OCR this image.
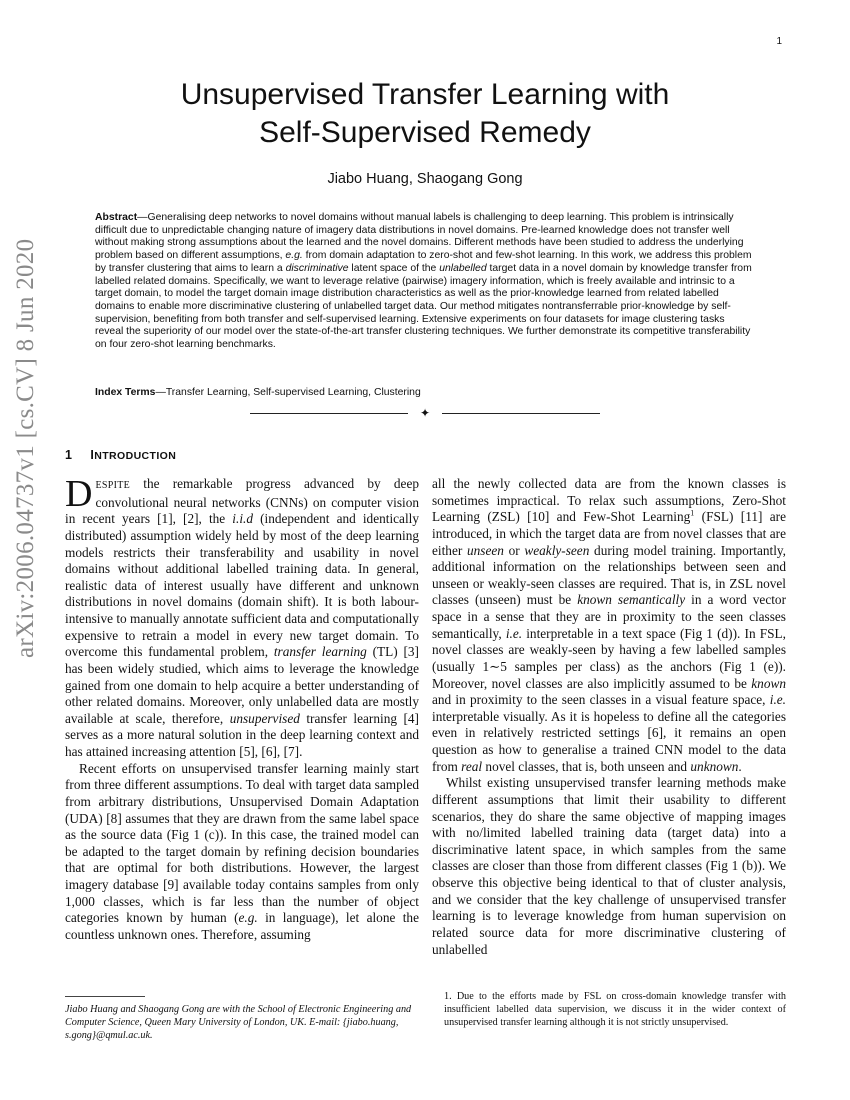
1
arXiv:2006.04737v1 [cs.CV] 8 Jun 2020
Unsupervised Transfer Learning with
Self-Supervised Remedy
Jiabo Huang, Shaogang Gong
Abstract—Generalising deep networks to novel domains without manual labels is challenging to deep learning. This problem is intrinsically difficult due to unpredictable changing nature of imagery data distributions in novel domains. Pre-learned knowledge does not transfer well without making strong assumptions about the learned and the novel domains. Different methods have been studied to address the underlying problem based on different assumptions, e.g. from domain adaptation to zero-shot and few-shot learning. In this work, we address this problem by transfer clustering that aims to learn a discriminative latent space of the unlabelled target data in a novel domain by knowledge transfer from labelled related domains. Specifically, we want to leverage relative (pairwise) imagery information, which is freely available and intrinsic to a target domain, to model the target domain image distribution characteristics as well as the prior-knowledge learned from related labelled domains to enable more discriminative clustering of unlabelled target data. Our method mitigates nontransferrable prior-knowledge by self-supervision, benefiting from both transfer and self-supervised learning. Extensive experiments on four datasets for image clustering tasks reveal the superiority of our model over the state-of-the-art transfer clustering techniques. We further demonstrate its competitive transferability on four zero-shot learning benchmarks.
Index Terms—Transfer Learning, Self-supervised Learning, Clustering
✦
1 INTRODUCTION

DESPITE the remarkable progress advanced by deep convolutional neural networks (CNNs) on computer vision in recent years [1], [2], the i.i.d (independent and identically distributed) assumption widely held by most of the deep learning models restricts their transferability and usability in novel domains without additional labelled training data. In general, realistic data of interest usually have different and unknown distributions in novel domains (domain shift). It is both labour-intensive to manually annotate sufficient data and computationally expensive to retrain a model in every new target domain. To overcome this fundamental problem, transfer learning (TL) [3] has been widely studied, which aims to leverage the knowledge gained from one domain to help acquire a better understanding of other related domains. Moreover, only unlabelled data are mostly available at scale, therefore, unsupervised transfer learning [4] serves as a more natural solution in the deep learning context and has attained increasing attention [5], [6], [7].

Recent efforts on unsupervised transfer learning mainly start from three different assumptions. To deal with target data sampled from arbitrary distributions, Unsupervised Domain Adaptation (UDA) [8] assumes that they are drawn from the same label space as the source data (Fig 1 (c)). In this case, the trained model can be adapted to the target domain by refining decision boundaries that are optimal for both distributions. However, the largest imagery database [9] available today contains samples from only 1,000 classes, which is far less than the number of object categories known by human (e.g. in language), let alone the countless unknown ones. Therefore, assuming

all the newly collected data are from the known classes is sometimes impractical. To relax such assumptions, Zero-Shot Learning (ZSL) [10] and Few-Shot Learning$^1$ (FSL) [11] are introduced, in which the target data are from novel classes that are either unseen or weakly-seen during model training. Importantly, additional information on the relationships between seen and unseen or weakly-seen classes are required. That is, in ZSL novel classes (unseen) must be known semantically in a word vector space in a sense that they are in proximity to the seen classes semantically, i.e. interpretable in a text space (Fig 1 (d)). In FSL, novel classes are weakly-seen by having a few labelled samples (usually 1∼5 samples per class) as the anchors (Fig 1 (e)). Moreover, novel classes are also implicitly assumed to be known and in proximity to the seen classes in a visual feature space, i.e. interpretable visually. As it is hopeless to define all the categories even in relatively restricted settings [6], it remains an open question as how to generalise a trained CNN model to the data from real novel classes, that is, both unseen and unknown.

Whilst existing unsupervised transfer learning methods make different assumptions that limit their usability to different scenarios, they do share the same objective of mapping images with no/limited labelled training data (target data) into a discriminative latent space, in which samples from the same classes are closer than those from different classes (Fig 1 (b)). We observe this objective being identical to that of cluster analysis, and we consider that the key challenge of unsupervised transfer learning is to leverage knowledge from human supervision on related source data for more discriminative clustering of unlabelled

Jiabo Huang and Shaogang Gong are with the School of Electronic Engineering and Computer Science, Queen Mary University of London, UK. E-mail: {jiabo.huang, s.gong}@qmul.ac.uk.
1. Due to the efforts made by FSL on cross-domain knowledge transfer with insufficient labelled data supervision, we discuss it in the wider context of unsupervised transfer learning although it is not strictly unsupervised.
